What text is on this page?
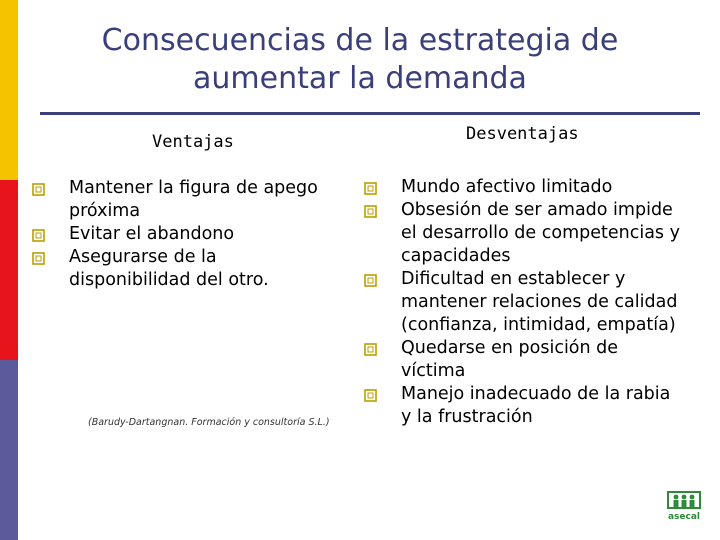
Consecuencias de la estrategia de aumentar la demanda
Ventajas	Desventajas
Mantener la figura de apego próxima
Evitar el abandono
Asegurarse de la disponibilidad del otro.
Mundo afectivo limitado
Obsesión de ser amado impide el desarrollo de competencias y capacidades
Dificultad en establecer y mantener relaciones de calidad (confianza, intimidad, empatía)
Quedarse en posición de víctima
Manejo inadecuado de la rabia y la frustración
(Barudy-Dartangnan. Formación y consultoría S.L.)
asecal
